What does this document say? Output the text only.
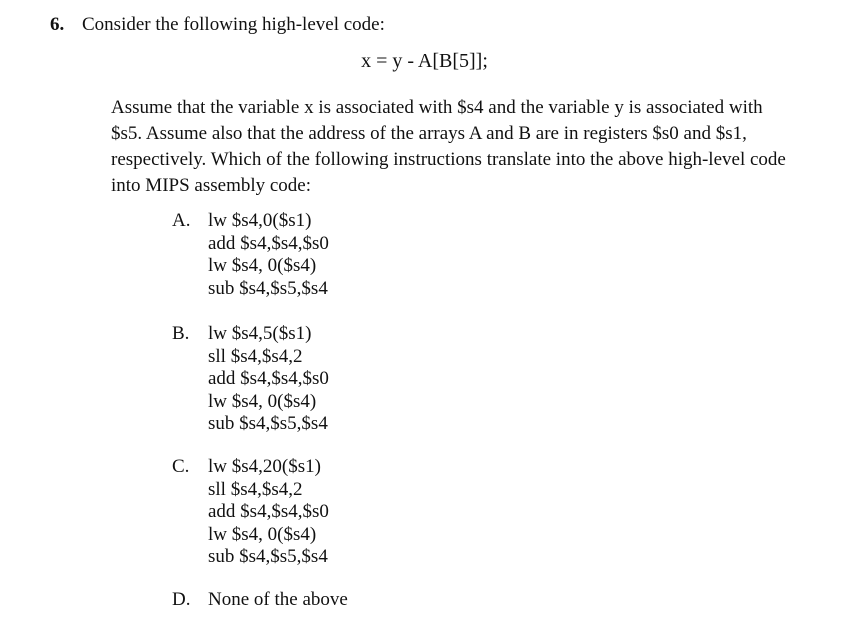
6. Consider the following high-level code:
x = y - A[B[5]];
Assume that the variable x is associated with $s4 and the variable y is associated with
$s5. Assume also that the address of the arrays A and B are in registers $s0 and $s1,
respectively. Which of the following instructions translate into the above high-level code
into MIPS assembly code:
A. lw $s4,0($s1)
add $s4,$s4,$s0
lw $s4, 0($s4)
sub $s4,$s5,$s4
B. lw $s4,5($s1)
sll $s4,$s4,2
add $s4,$s4,$s0
lw $s4, 0($s4)
sub $s4,$s5,$s4
C. lw $s4,20($s1)
sll $s4,$s4,2
add $s4,$s4,$s0
lw $s4, 0($s4)
sub $s4,$s5,$s4
D. None of the above
